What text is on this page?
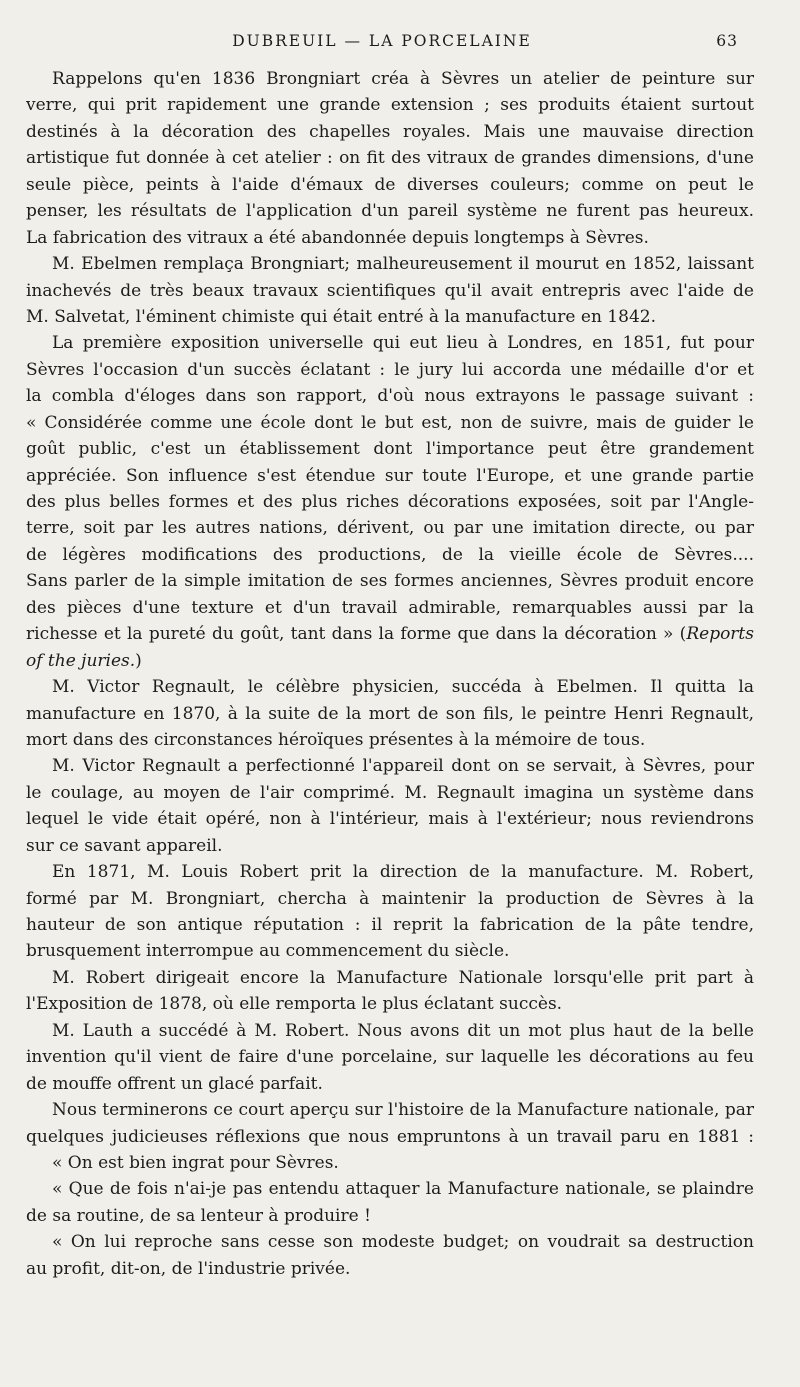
DUBREUIL — LA PORCELAINE	63
Rappelons qu'en 1836 Brongniart créa à Sèvres un atelier de peinture sur
verre, qui prit rapidement une grande extension ; ses produits étaient surtout
destinés à la décoration des chapelles royales. Mais une mauvaise direction
artistique fut donnée à cet atelier : on fit des vitraux de grandes dimensions, d'une
seule pièce, peints à l'aide d'émaux de diverses couleurs; comme on peut le
penser, les résultats de l'application d'un pareil système ne furent pas heureux.
La fabrication des vitraux a été abandonnée depuis longtemps à Sèvres.
M. Ebelmen remplaça Brongniart; malheureusement il mourut en 1852, laissant
inachevés de très beaux travaux scientifiques qu'il avait entrepris avec l'aide de
M. Salvetat, l'éminent chimiste qui était entré à la manufacture en 1842.
La première exposition universelle qui eut lieu à Londres, en 1851, fut pour
Sèvres l'occasion d'un succès éclatant : le jury lui accorda une médaille d'or et
la combla d'éloges dans son rapport, d'où nous extrayons le passage suivant :
« Considérée comme une école dont le but est, non de suivre, mais de guider le
goût public, c'est un établissement dont l'importance peut être grandement
appréciée. Son influence s'est étendue sur toute l'Europe, et une grande partie
des plus belles formes et des plus riches décorations exposées, soit par l'Angle-
terre, soit par les autres nations, dérivent, ou par une imitation directe, ou par
de légères modifications des productions, de la vieille école de Sèvres....
Sans parler de la simple imitation de ses formes anciennes, Sèvres produit encore
des pièces d'une texture et d'un travail admirable, remarquables aussi par la
richesse et la pureté du goût, tant dans la forme que dans la décoration » (Reports
of the juries.)
M. Victor Regnault, le célèbre physicien, succéda à Ebelmen. Il quitta la
manufacture en 1870, à la suite de la mort de son fils, le peintre Henri Regnault,
mort dans des circonstances héroïques présentes à la mémoire de tous.
M. Victor Regnault a perfectionné l'appareil dont on se servait, à Sèvres, pour
le coulage, au moyen de l'air comprimé. M. Regnault imagina un système dans
lequel le vide était opéré, non à l'intérieur, mais à l'extérieur; nous reviendrons
sur ce savant appareil.
En 1871, M. Louis Robert prit la direction de la manufacture. M. Robert,
formé par M. Brongniart, chercha à maintenir la production de Sèvres à la
hauteur de son antique réputation : il reprit la fabrication de la pâte tendre,
brusquement interrompue au commencement du siècle.
M. Robert dirigeait encore la Manufacture Nationale lorsqu'elle prit part à
l'Exposition de 1878, où elle remporta le plus éclatant succès.
M. Lauth a succédé à M. Robert. Nous avons dit un mot plus haut de la belle
invention qu'il vient de faire d'une porcelaine, sur laquelle les décorations au feu
de mouffe offrent un glacé parfait.
Nous terminerons ce court aperçu sur l'histoire de la Manufacture nationale, par
quelques judicieuses réflexions que nous empruntons à un travail paru en 1881 :
« On est bien ingrat pour Sèvres.
« Que de fois n'ai-je pas entendu attaquer la Manufacture nationale, se plaindre
de sa routine, de sa lenteur à produire !
« On lui reproche sans cesse son modeste budget; on voudrait sa destruction
au profit, dit-on, de l'industrie privée.
